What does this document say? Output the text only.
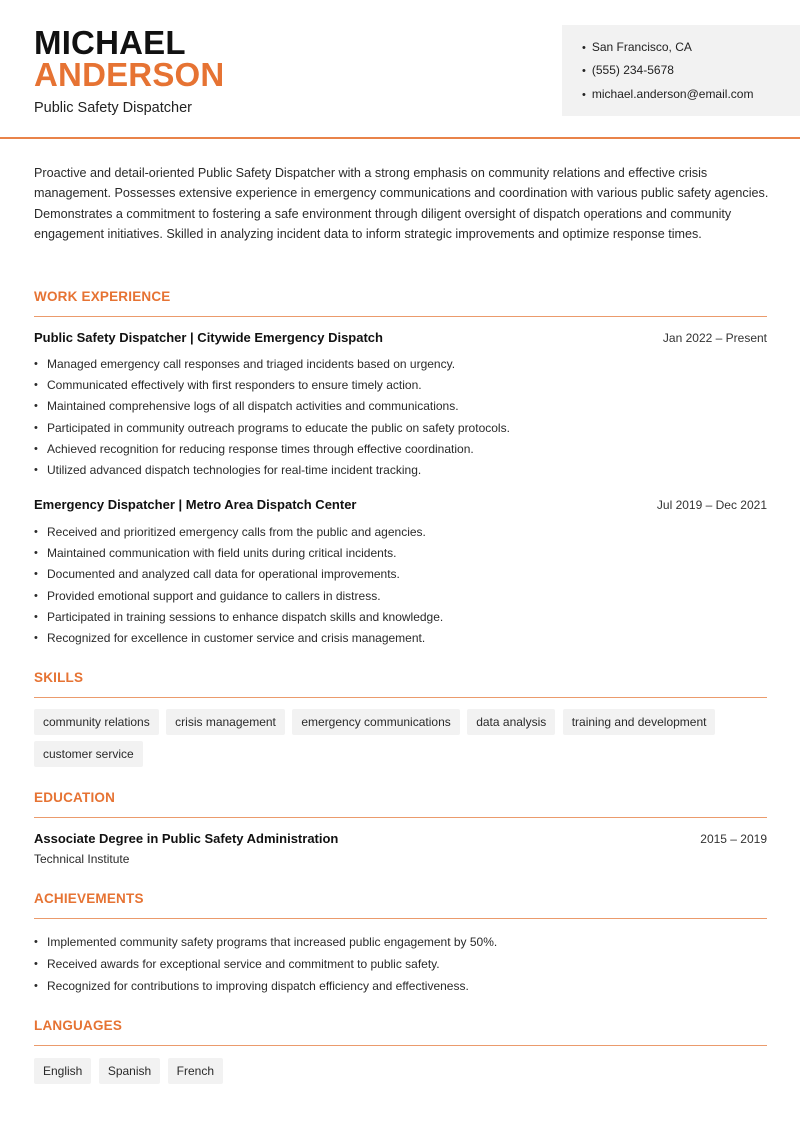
MICHAEL
ANDERSON
Public Safety Dispatcher
• San Francisco, CA
• (555) 234-5678
• michael.anderson@email.com
Proactive and detail-oriented Public Safety Dispatcher with a strong emphasis on community relations and effective crisis management. Possesses extensive experience in emergency communications and coordination with various public safety agencies. Demonstrates a commitment to fostering a safe environment through diligent oversight of dispatch operations and community engagement initiatives. Skilled in analyzing incident data to inform strategic improvements and optimize response times.
WORK EXPERIENCE
Public Safety Dispatcher | Citywide Emergency Dispatch	Jan 2022 – Present
• Managed emergency call responses and triaged incidents based on urgency.
• Communicated effectively with first responders to ensure timely action.
• Maintained comprehensive logs of all dispatch activities and communications.
• Participated in community outreach programs to educate the public on safety protocols.
• Achieved recognition for reducing response times through effective coordination.
• Utilized advanced dispatch technologies for real-time incident tracking.
Emergency Dispatcher | Metro Area Dispatch Center	Jul 2019 – Dec 2021
• Received and prioritized emergency calls from the public and agencies.
• Maintained communication with field units during critical incidents.
• Documented and analyzed call data for operational improvements.
• Provided emotional support and guidance to callers in distress.
• Participated in training sessions to enhance dispatch skills and knowledge.
• Recognized for excellence in customer service and crisis management.
SKILLS
community relations crisis management emergency communications data analysis training and development customer service
EDUCATION
Associate Degree in Public Safety Administration	2015 – 2019
Technical Institute
ACHIEVEMENTS
• Implemented community safety programs that increased public engagement by 50%.
• Received awards for exceptional service and commitment to public safety.
• Recognized for contributions to improving dispatch efficiency and effectiveness.
LANGUAGES
English Spanish French
